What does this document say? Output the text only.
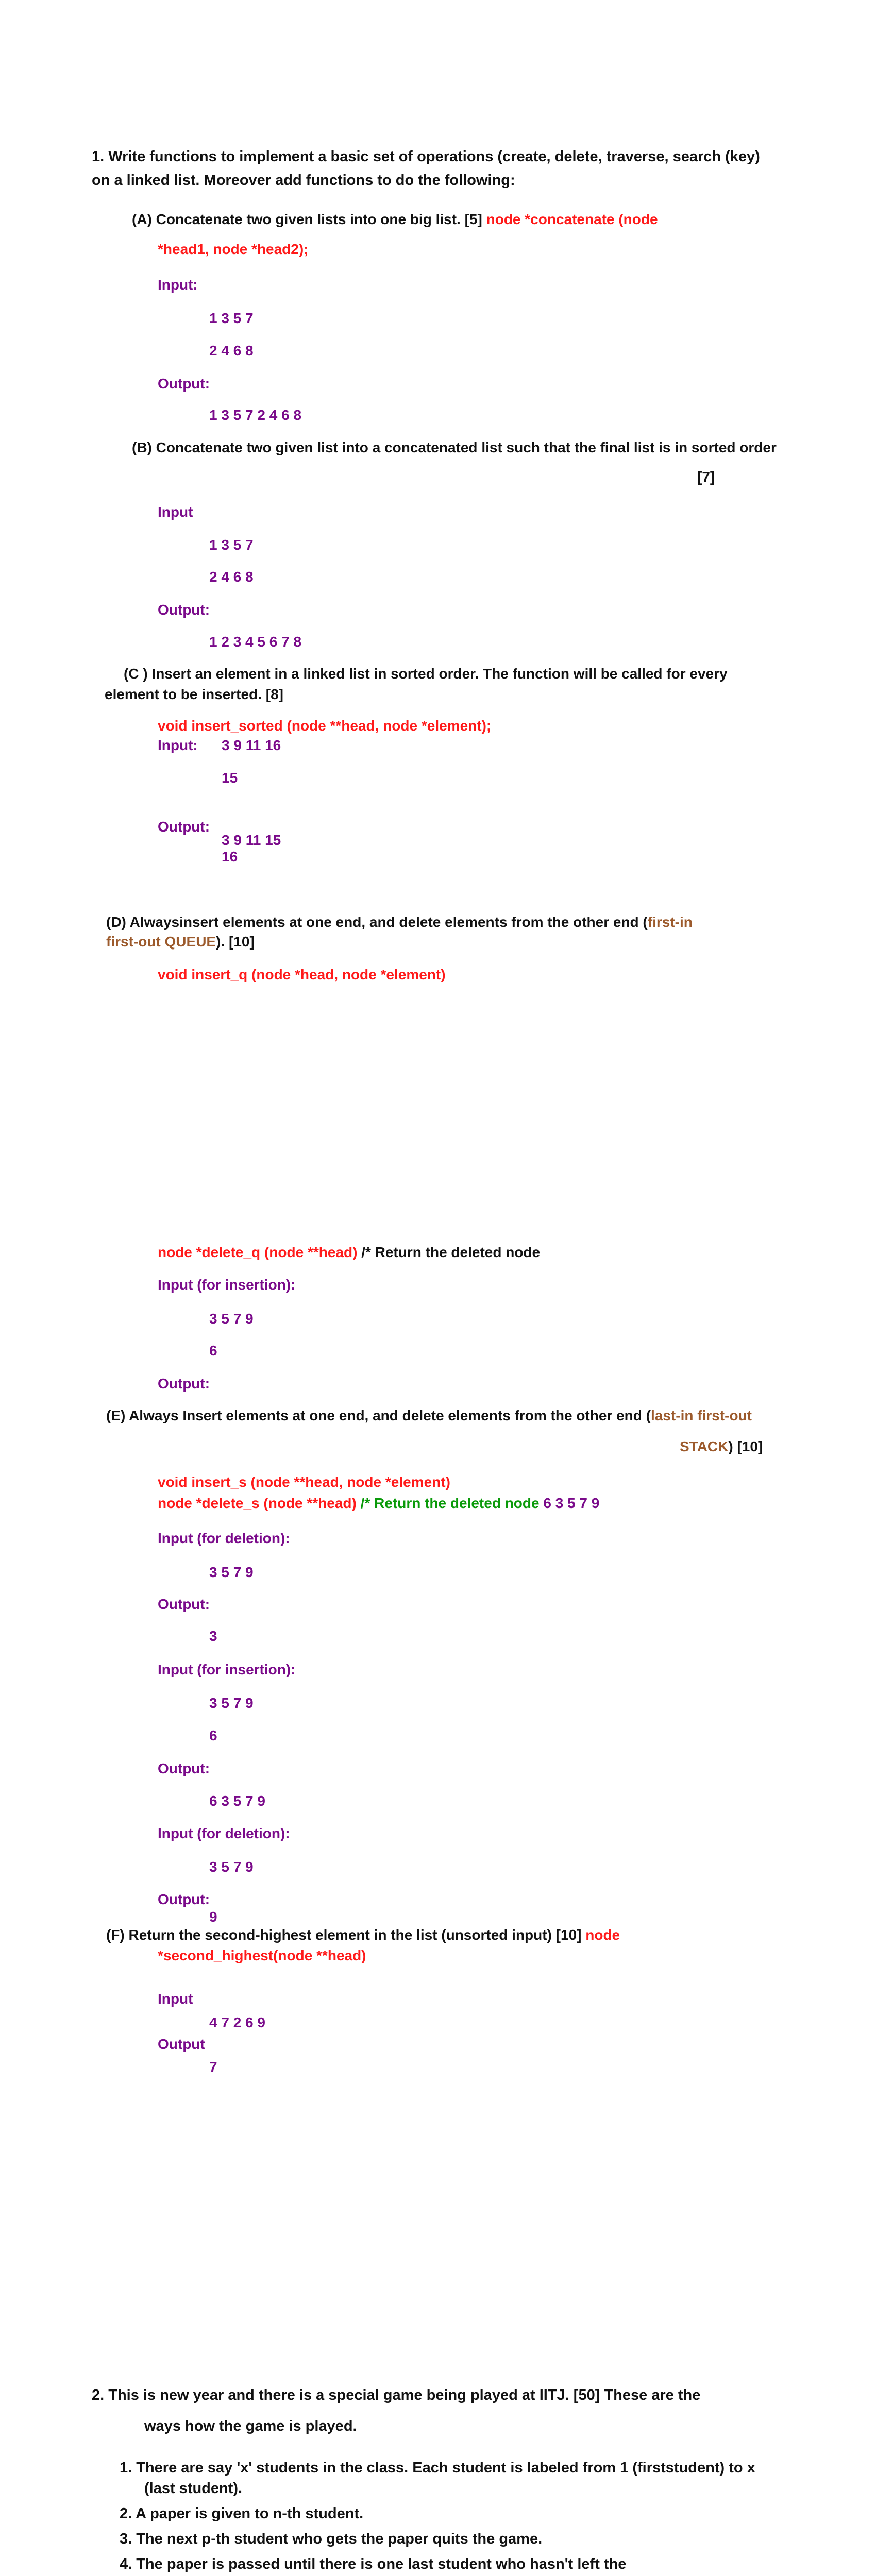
1. Write functions to implement a basic set of operations (create, delete, traverse, search (key)
on a linked list. Moreover add functions to do the following:
(A) Concatenate two given lists into one big list. [5] node *concatenate (node
*head1, node *head2);
Input:
1 3 5 7
2 4 6 8
Output:
1 3 5 7 2 4 6 8
(B) Concatenate two given list into a concatenated list such that the final list is in sorted order
[7]
Input
1 3 5 7
2 4 6 8
Output:
1 2 3 4 5 6 7 8
(C ) Insert an element in a linked list in sorted order. The function will be called for every
element to be inserted. [8]
void insert_sorted (node **head, node *element);
Input: 3 9 11 16
15
Output:
3 9 11 15
16
(D) Alwaysinsert elements at one end, and delete elements from the other end (first-in
first-out QUEUE). [10]
void insert_q (node *head, node *element)
node *delete_q (node **head) /* Return the deleted node
Input (for insertion):
3 5 7 9
6
Output:
(E) Always Insert elements at one end, and delete elements from the other end (last-in first-out
STACK) [10]
void insert_s (node **head, node *element)
node *delete_s (node **head) /* Return the deleted node 6 3 5 7 9
Input (for deletion):
3 5 7 9
Output:
3
Input (for insertion):
3 5 7 9
6
Output:
6 3 5 7 9
Input (for deletion):
3 5 7 9
Output:
9
(F) Return the second-highest element in the list (unsorted input) [10] node
*second_highest(node **head)
Input
4 7 2 6 9
Output
7
2. This is new year and there is a special game being played at IITJ. [50] These are the
ways how the game is played.
1. There are say 'x' students in the class. Each student is labeled from 1 (firststudent) to x
(last student).
2. A paper is given to n-th student.
3. The next p-th student who gets the paper quits the game.
4. The paper is passed until there is one last student who hasn't left the
